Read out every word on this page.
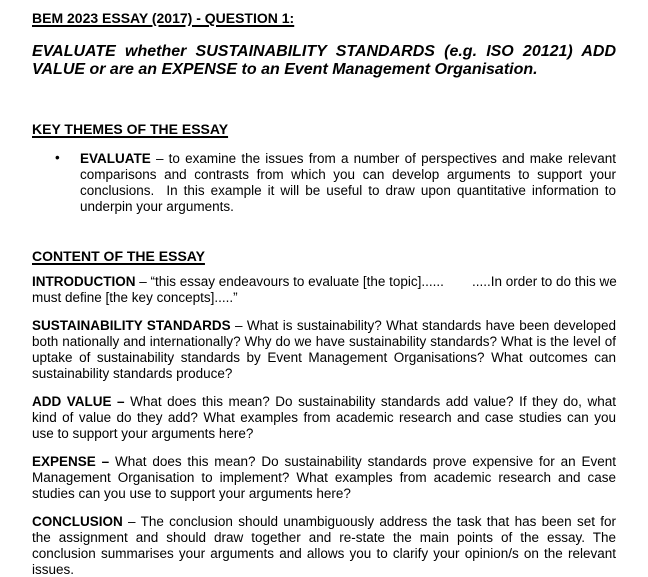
BEM 2023 ESSAY (2017) - QUESTION 1:

EVALUATE whether SUSTAINABILITY STANDARDS (e.g. ISO 20121) ADD VALUE or are an EXPENSE to an Event Management Organisation.

KEY THEMES OF THE ESSAY
• EVALUATE – to examine the issues from a number of perspectives and make relevant comparisons and contrasts from which you can develop arguments to support your conclusions.  In this example it will be useful to draw upon quantitative information to underpin your arguments.
CONTENT OF THE ESSAY

INTRODUCTION – “this essay endeavours to evaluate [the topic]...... .....In order to do this we
must define [the key concepts].....”

SUSTAINABILITY STANDARDS – What is sustainability? What standards have been developed both nationally and internationally? Why do we have sustainability standards? What is the level of uptake of sustainability standards by Event Management Organisations? What outcomes can sustainability standards produce?

ADD VALUE – What does this mean? Do sustainability standards add value? If they do, what kind of value do they add? What examples from academic research and case studies can you use to support your arguments here?

EXPENSE – What does this mean? Do sustainability standards prove expensive for an Event Management Organisation to implement? What examples from academic research and case studies can you use to support your arguments here?

CONCLUSION – The conclusion should unambiguously address the task that has been set for the assignment and should draw together and re-state the main points of the essay. The conclusion summarises your arguments and allows you to clarify your opinion/s on the relevant issues.
